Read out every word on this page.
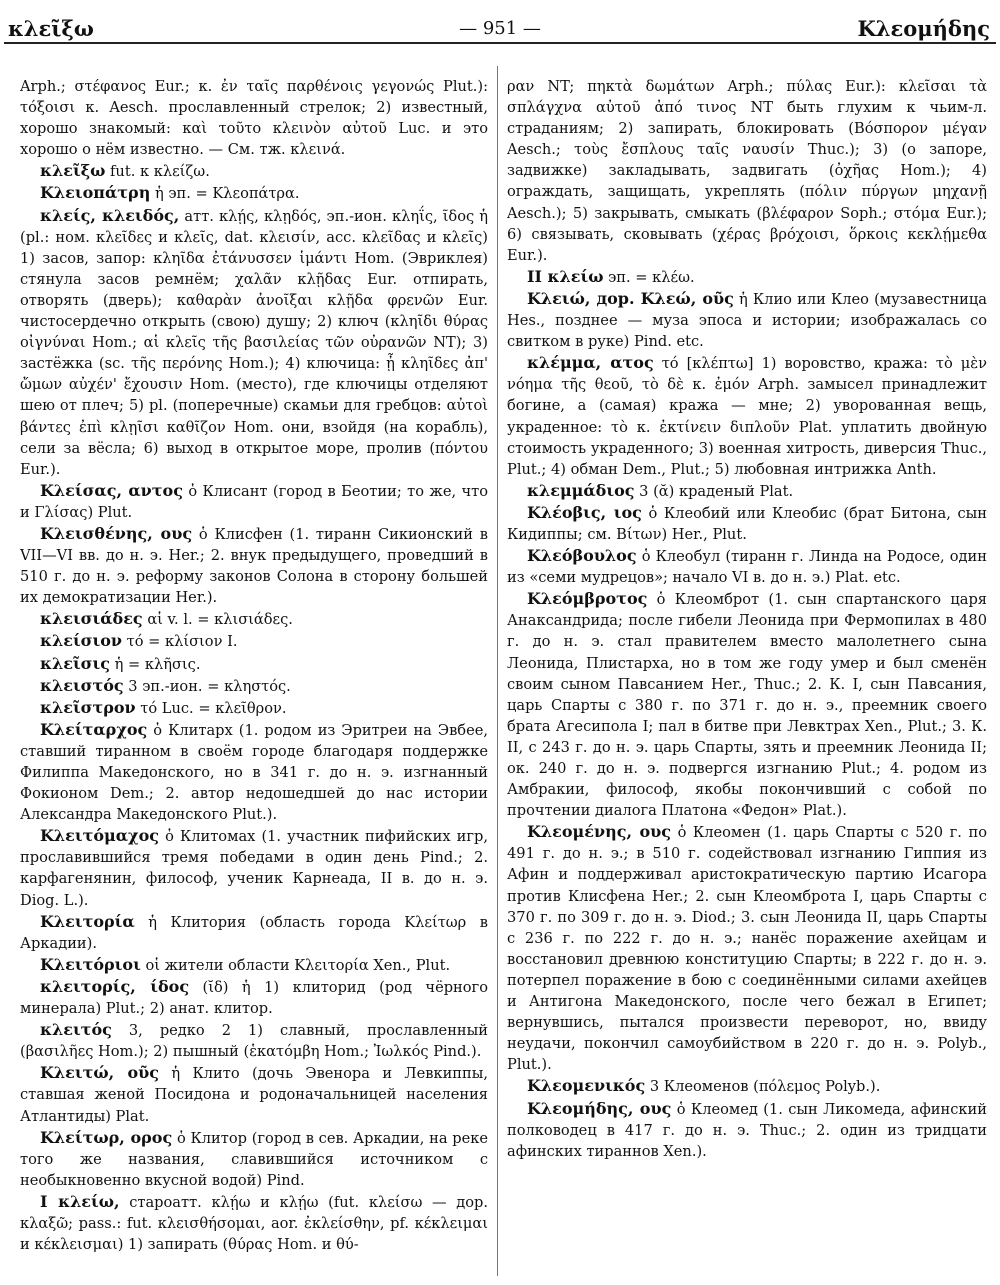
κλεῖξω	— 951 —	Κλεομήδης

Arph.; στέφανος Eur.; κ. ἐν ταῖς παρθένοις γεγονώς Plut.): τόξοισι κ. Aesch. прославленный стрелок; 2) известный, хорошо знакомый: καὶ τοῦτο κλεινὸν αὐτοῦ Luc. и это хорошо о нём известно. — См. тж. κλεινά.

κλεῖξω fut. к κλείζω.

Κλειοπάτρη ἡ эп. = Κλεοπάτρα.

κλείς, κλειδός, атт. κλῄς, κλῃδός, эп.-ион. κληΐς, ῖδος ἡ (pl.: ном. κλεῖδες и κλεῖς, dat. κλεισίν, acc. κλεῖδας и κλεῖς) 1) засов, запор: κληῖδα ἐτάνυσσεν ἱμάντι Hom. (Эвриклея) стянула засов ремнём; χαλᾶν κλῇδας Eur. отпирать, отворять (дверь); καθαρὰν ἀνοῖξαι κλῇδα φρενῶν Eur. чистосердечно открыть (свою) душу; 2) ключ (κληῖδι θύρας οἰγνύναι Hom.; αἱ κλεῖς τῆς βασιλείας τῶν οὐρανῶν NT); 3) застёжка (sc. τῆς περόνης Hom.); 4) ключица: ᾗ κληῖδες ἀπ' ὤμων αὐχέν' ἔχουσιν Hom. (место), где ключицы отделяют шею от плеч; 5) pl. (поперечные) скамьи для гребцов: αὐτοὶ βάντες ἐπὶ κλῃῖσι καθῖζον Hom. они, взойдя (на корабль), сели за вёсла; 6) выход в открытое море, пролив (πόντου Eur.).

Κλείσας, αντος ὁ Клисант (город в Беотии; то же, что и Γλίσας) Plut.

Κλεισθένης, ους ὁ Клисфен (1. тиранн Сикионский в VII—VI вв. до н. э. Her.; 2. внук предыдущего, проведший в 510 г. до н. э. реформу законов Солона в сторону большей их демократизации Her.).

κλεισιάδες αἱ v. l. = κλισιάδες.

κλείσιον τό = κλίσιον I.

κλεῖσις ἡ = κλῆσις.

κλειστός 3 эп.-ион. = κληστός.

κλεῖστρον τό Luc. = κλεῖθρον.

Κλείταρχος ὁ Клитарх (1. родом из Эритреи на Эвбее, ставший тиранном в своём городе благодаря поддержке Филиппа Македонского, но в 341 г. до н. э. изгнанный Фокионом Dem.; 2. автор недошедшей до нас истории Александра Македонского Plut.).

Κλειτόμαχος ὁ Клитомах (1. участник пифийских игр, прославившийся тремя победами в один день Pind.; 2. карфагенянин, философ, ученик Карнеада, II в. до н. э. Diog. L.).

Κλειτορία ἡ Клитория (область города Κλείτωρ в Аркадии).

Κλειτόριοι οἱ жители области Κλειτορία Xen., Plut.

κλειτορίς, ίδος (ῐδ) ἡ 1) клиторид (род чёрного минерала) Plut.; 2) анат. клитор.

κλειτός 3, редко 2 1) славный, прославленный (βασιλῆες Hom.); 2) пышный (ἑκατόμβη Hom.; Ἰωλκός Pind.).

Κλειτώ, οῦς ἡ Клито (дочь Эвенора и Левкиппы, ставшая женой Посидона и родоначальницей населения Атлантиды) Plat.

Κλείτωρ, ορος ὁ Клитор (город в сев. Аркадии, на реке того же названия, славившийся источником с необыкновенно вкусной водой) Pind.

I κλείω, староатт. κλῄω и κλῄω (fut. κλείσω — дор. κλαξῶ; pass.: fut. κλεισθήσομαι, aor. ἐκλείσθην, pf. κέκλειμαι и κέκλεισμαι) 1) запирать (θύρας Hom. и θύ-

ραν NT; πηκτὰ δωμάτων Arph.; πύλας Eur.): κλεῖσαι τὰ σπλάγχνα αὐτοῦ ἀπό τινος NT быть глухим к чьим-л. страданиям; 2) запирать, блокировать (Βόσπορον μέγαν Aesch.; τοὺς ἔσπλους ταῖς ναυσίν Thuc.); 3) (о запоре, задвижке) закладывать, задвигать (ὀχῆας Hom.); 4) ограждать, защищать, укреплять (πόλιν πύργων μηχανῇ Aesch.); 5) закрывать, смыкать (βλέφαρον Soph.; στόμα Eur.); 6) связывать, сковывать (χέρας βρόχοισι, ὅρκοις κεκλῄμεθα Eur.).

II κλείω эп. = κλέω.

Κλειώ, дор. Κλεώ, οῦς ἡ Клио или Клео (музавестница Hes., позднее — муза эпоса и истории; изображалась со свитком в руке) Pind. etc.

κλέμμα, ατος τό [κλέπτω] 1) воровство, кража: τὸ μὲν νόημα τῆς θεοῦ, τὸ δὲ κ. ἐμόν Arph. замысел принадлежит богине, а (самая) кража — мне; 2) уворованная вещь, украденное: τὸ κ. ἐκτίνειν διπλοῦν Plat. уплатить двойную стоимость украденного; 3) военная хитрость, диверсия Thuc., Plut.; 4) обман Dem., Plut.; 5) любовная интрижка Anth.

κλεμμάδιος 3 (ᾰ) краденый Plat.

Κλέοβις, ιος ὁ Клеобий или Клеобис (брат Битона, сын Кидиппы; см. Βίτων) Her., Plut.

Κλεόβουλος ὁ Клеобул (тиранн г. Линда на Родосе, один из «семи мудрецов»; начало VI в. до н. э.) Plat. etc.

Κλεόμβροτος ὁ Клеомброт (1. сын спартанского царя Анаксандрида; после гибели Леонида при Фермопилах в 480 г. до н. э. стал правителем вместо малолетнего сына Леонида, Плистарха, но в том же году умер и был сменён своим сыном Павсанием Her., Thuc.; 2. К. I, сын Павсания, царь Спарты с 380 г. по 371 г. до н. э., преемник своего брата Агесипола I; пал в битве при Левктрах Xen., Plut.; 3. К. II, с 243 г. до н. э. царь Спарты, зять и преемник Леонида II; ок. 240 г. до н. э. подвергся изгнанию Plut.; 4. родом из Амбракии, философ, якобы покончивший с собой по прочтении диалога Платона «Федон» Plat.).

Κλεομένης, ους ὁ Клеомен (1. царь Спарты с 520 г. по 491 г. до н. э.; в 510 г. содействовал изгнанию Гиппия из Афин и поддерживал аристократическую партию Исагора против Клисфена Her.; 2. сын Клеомброта I, царь Спарты с 370 г. по 309 г. до н. э. Diod.; 3. сын Леонида II, царь Спарты с 236 г. по 222 г. до н. э.; нанёс поражение ахейцам и восстановил древнюю конституцию Спарты; в 222 г. до н. э. потерпел поражение в бою с соединёнными силами ахейцев и Антигона Македонского, после чего бежал в Египет; вернувшись, пытался произвести переворот, но, ввиду неудачи, покончил самоубийством в 220 г. до н. э. Polyb., Plut.).

Κλεομενικός 3 Клеоменов (πόλεμος Polyb.).

Κλεομήδης, ους ὁ Клеомед (1. сын Ликомеда, афинский полководец в 417 г. до н. э. Thuc.; 2. один из тридцати афинских тираннов Xen.).
